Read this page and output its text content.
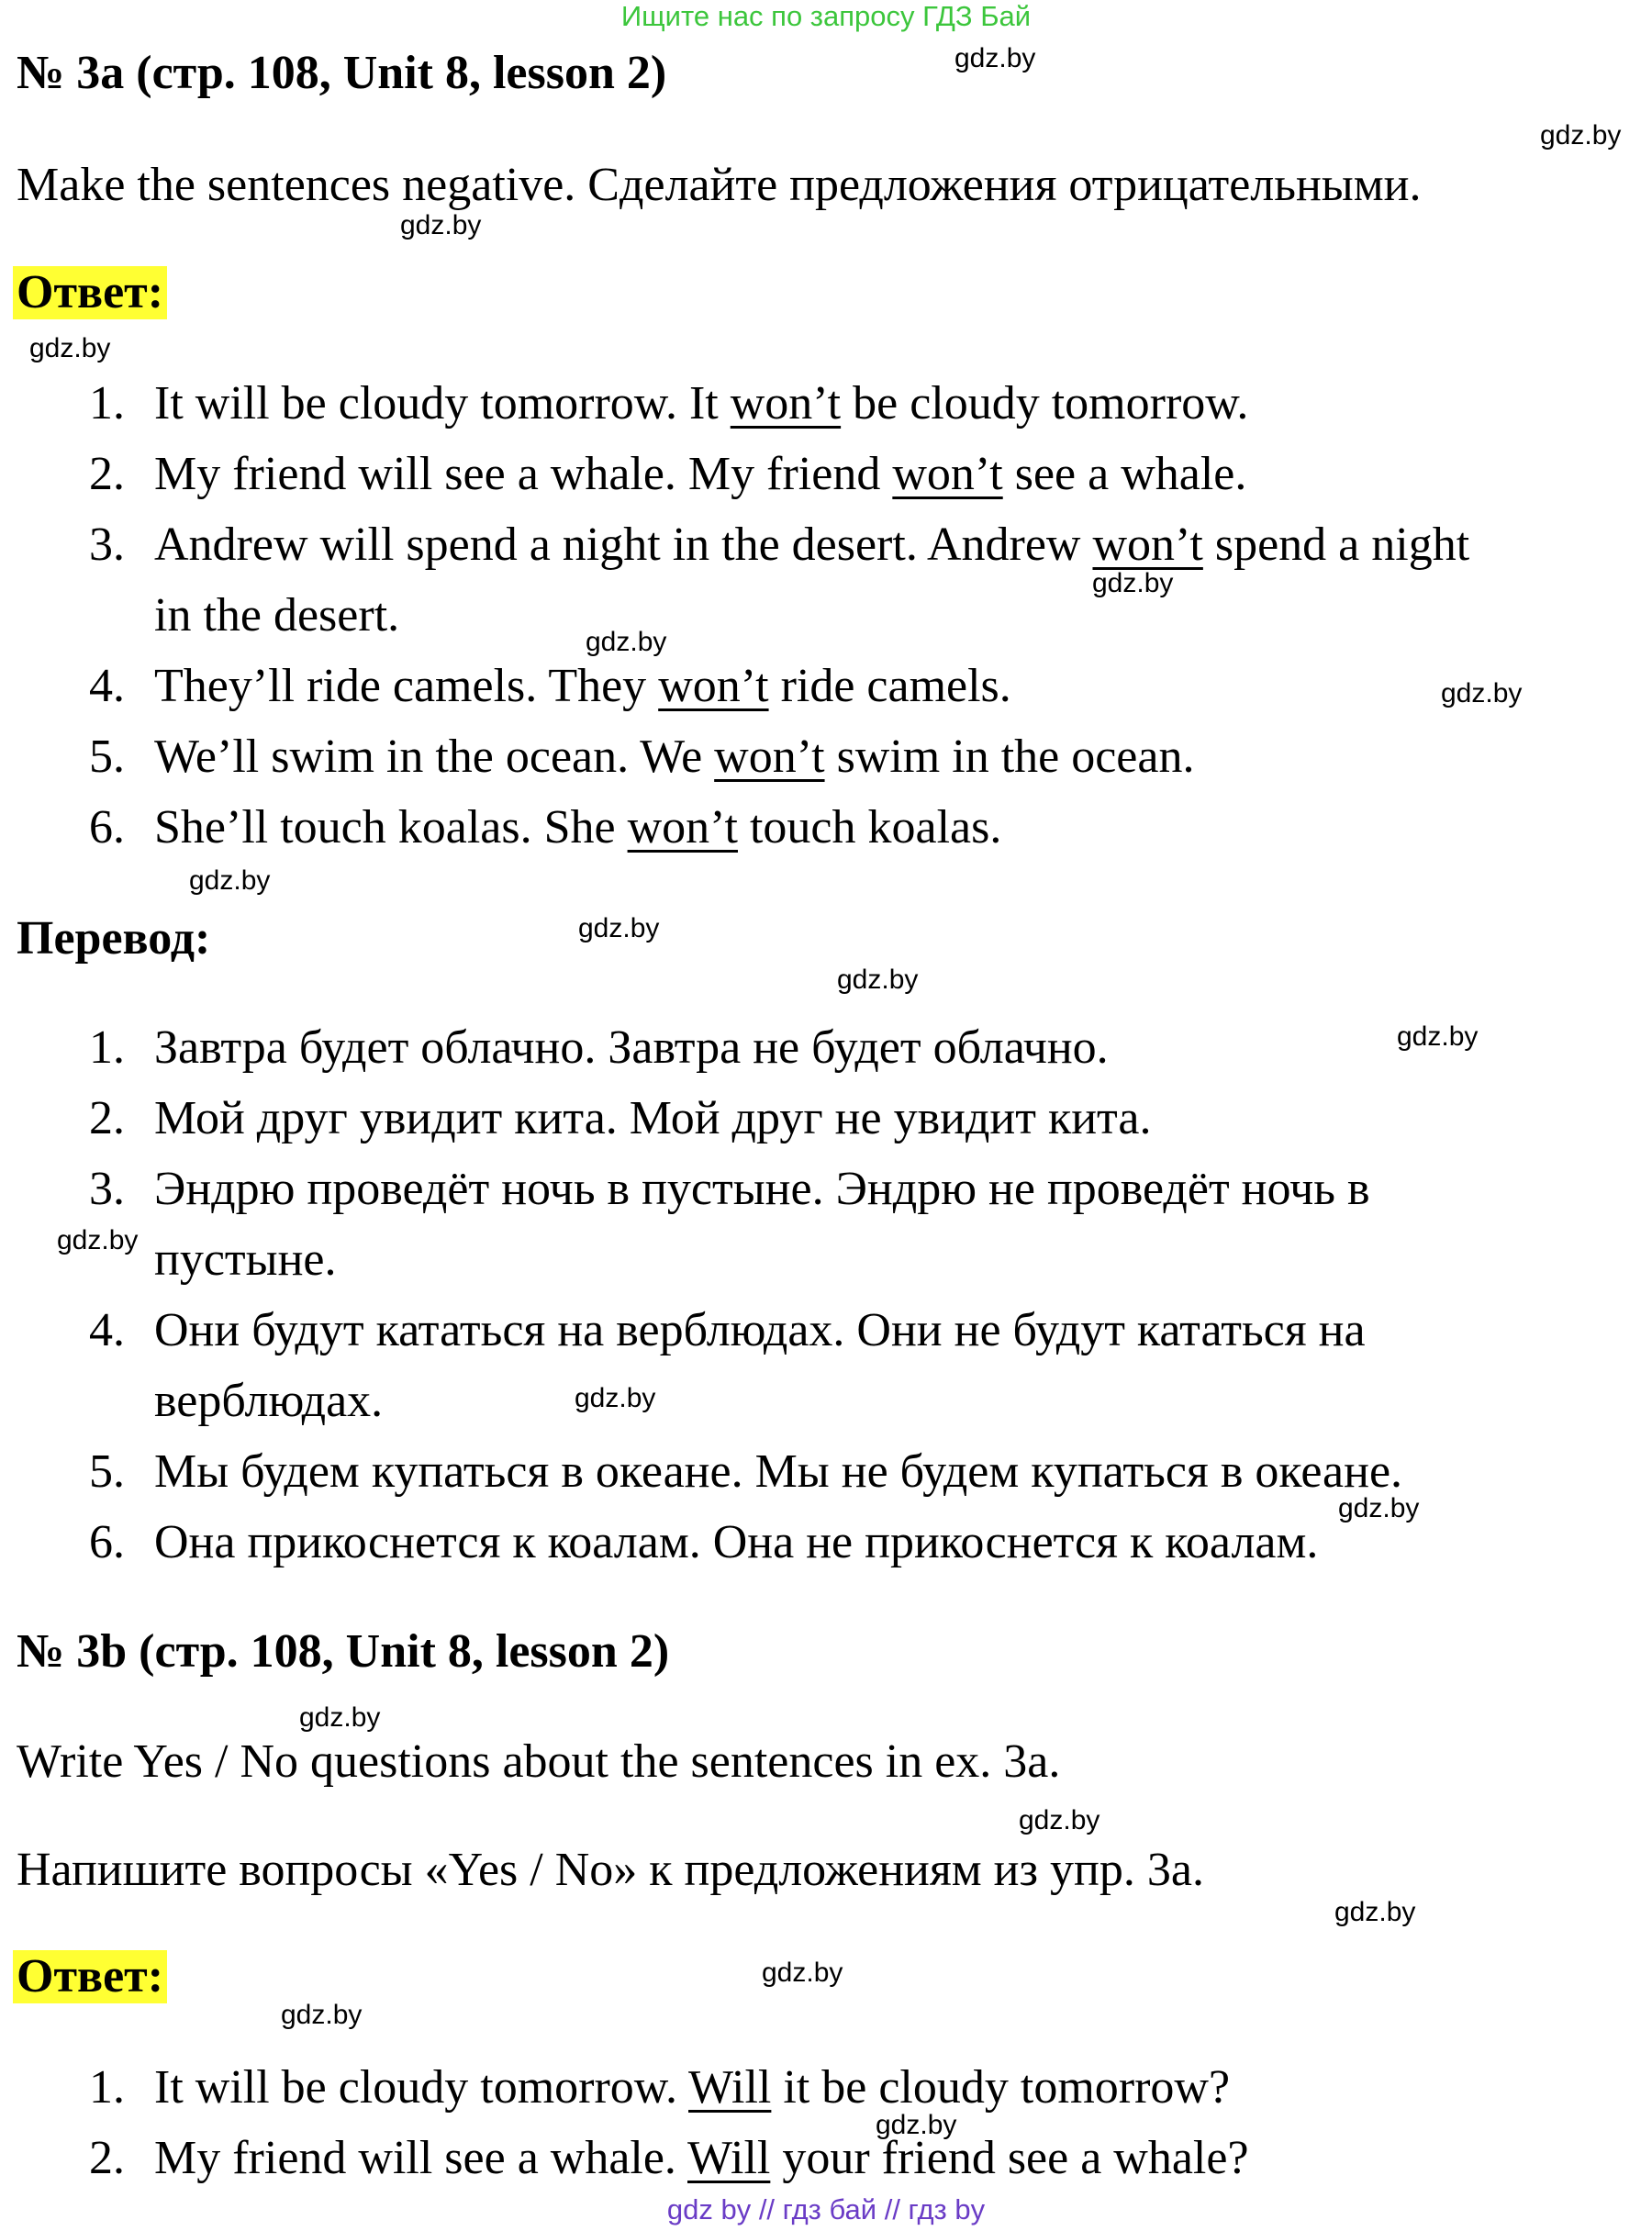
Ищите нас по запросу ГДЗ Бай
№ 3a (стр. 108, Unit 8, lesson 2)
Make the sentences negative. Сделайте предложения отрицательными.
Ответ:
1. It will be cloudy tomorrow. It won’t be cloudy tomorrow.
2. My friend will see a whale. My friend won’t see a whale.
3. Andrew will spend a night in the desert. Andrew won’t spend a night
in the desert.
4. They’ll ride camels. They won’t ride camels.
5. We’ll swim in the ocean. We won’t swim in the ocean.
6. She’ll touch koalas. She won’t touch koalas.
Перевод:
1. Завтра будет облачно. Завтра не будет облачно.
2. Мой друг увидит кита. Мой друг не увидит кита.
3. Эндрю проведёт ночь в пустыне. Эндрю не проведёт ночь в
пустыне.
4. Они будут кататься на верблюдах. Они не будут кататься на
верблюдах.
5. Мы будем купаться в океане. Мы не будем купаться в океане.
6. Она прикоснется к коалам. Она не прикоснется к коалам.
№ 3b (стр. 108, Unit 8, lesson 2)
Write Yes / No questions about the sentences in ex. 3a.
Напишите вопросы «Yes / No» к предложениям из упр. 3a.
Ответ:
1. It will be cloudy tomorrow. Will it be cloudy tomorrow?
2. My friend will see a whale. Will your friend see a whale?
gdz.by
gdz.by
gdz.by
gdz.by
gdz.by
gdz.by
gdz.by
gdz.by
gdz.by
gdz.by
gdz.by
gdz.by
gdz.by
gdz.by
gdz.by
gdz.by
gdz.by
gdz.by
gdz.by
gdz.by
gdz by // гдз бай // гдз by
